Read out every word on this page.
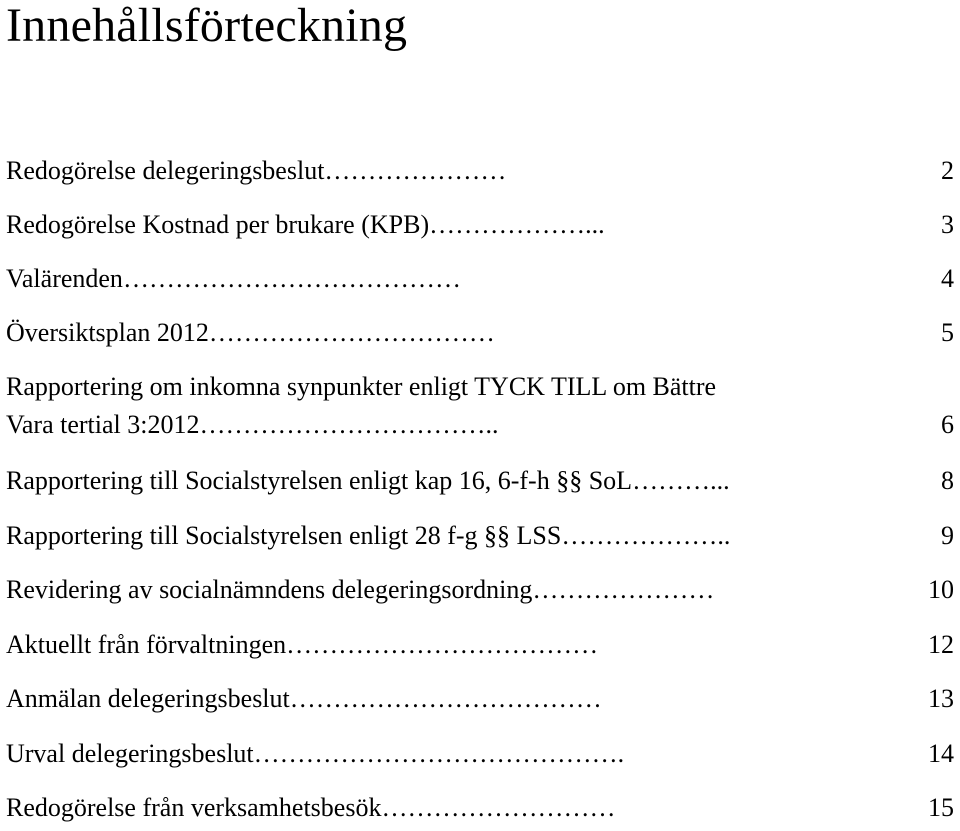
Innehållsförteckning
Redogörelse delegeringsbeslut…………………	2
Redogörelse Kostnad per brukare (KPB)………………...	3
Valärenden…………………………………	4
Översiktsplan 2012……………………………	5
Rapportering om inkomna synpunkter enligt TYCK TILL om Bättre
Vara tertial 3:2012……………………………..	6
Rapportering till Socialstyrelsen enligt kap 16, 6-f-h §§ SoL………...	8
Rapportering till Socialstyrelsen enligt 28 f-g §§ LSS………………..	9
Revidering av socialnämndens delegeringsordning…………………	10
Aktuellt från förvaltningen………………………………	12
Anmälan delegeringsbeslut………………………………	13
Urval delegeringsbeslut…………………………………….	14
Redogörelse från verksamhetsbesök………………………	15
